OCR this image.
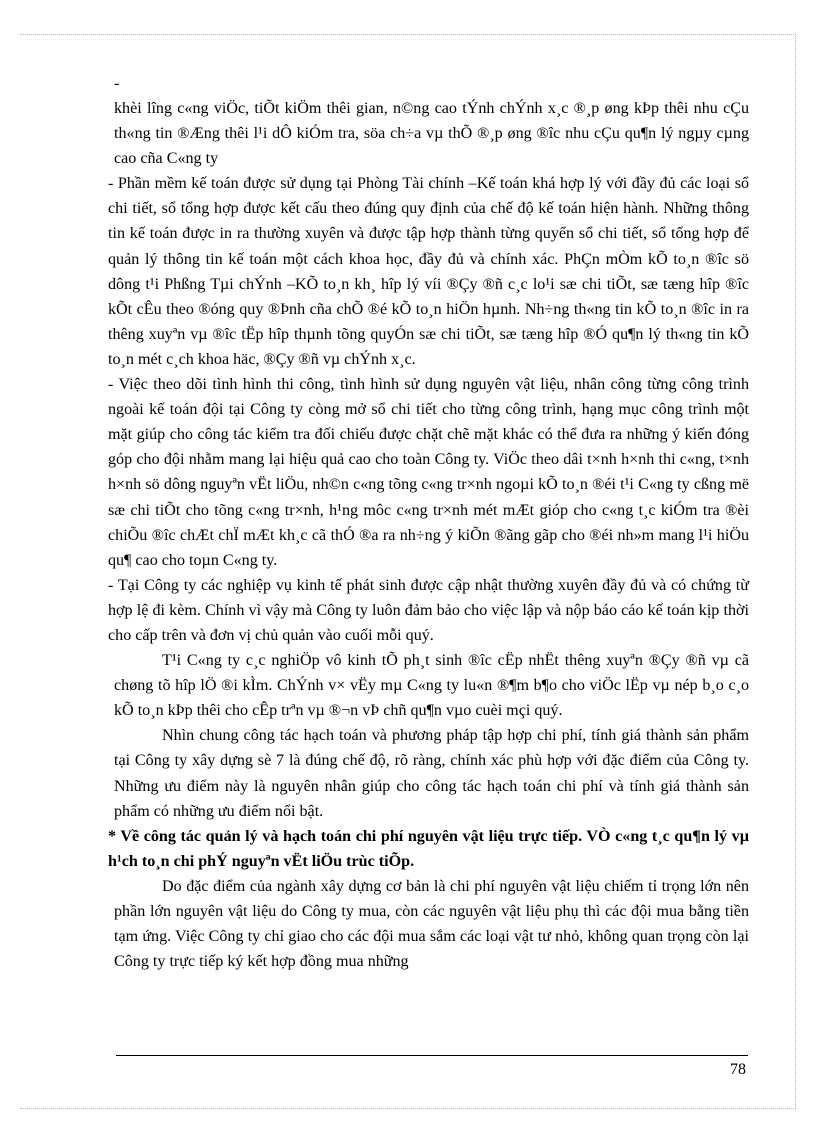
-

khèi lîng c«ng viÖc, tiÕt kiÖm thêi gian, n©ng cao tÝnh chÝnh x¸c ®¸p øng kÞp thêi nhu cÇu th«ng tin ®Æng thêi l¹i dÔ kiÓm tra, söa ch÷a vµ thÕ ®¸p øng ®îc nhu cÇu qu¶n lý ngµy cµng cao cña C«ng ty

- Phần mềm kế toán được sử dụng tại Phòng Tài chính –Kế toán khá hợp lý với đầy đủ các loại sổ chi tiết, sổ tổng hợp được kết cấu theo đúng quy định của chế độ kế toán hiện hành. Những thông tin kế toán được in ra thường xuyên và được tập hợp thành từng quyển sổ chi tiết, sổ tổng hợp để quản lý thông tin kế toán một cách khoa học, đầy đủ và chính xác. PhÇn mÒm kÕ to¸n ®îc sö dông t¹i Phßng Tµi chÝnh –KÕ to¸n kh¸ hîp lý víi ®Çy ®ñ c¸c lo¹i sæ chi tiÕt, sæ tæng hîp ®îc kÕt cÊu theo ®óng quy ®Þnh cña chÕ ®é kÕ to¸n hiÖn hµnh. Nh÷ng th«ng tin kÕ to¸n ®îc in ra thêng xuyªn vµ ®îc tËp hîp thµnh tõng quyÓn sæ chi tiÕt, sæ tæng hîp ®Ó qu¶n lý th«ng tin kÕ to¸n mét c¸ch khoa häc, ®Çy ®ñ vµ chÝnh x¸c.

- Việc theo dõi tình hình thi công, tình hình sử dụng nguyên vật liệu, nhân công từng công trình ngoài kế toán đội tại Công ty còng mở sổ chi tiết cho từng công trình, hạng mục công trình một mặt giúp cho công tác kiểm tra đối chiếu được chặt chẽ mặt khác có thể đưa ra những ý kiến đóng góp cho đội nhằm mang lại hiệu quả cao cho toàn Công ty. ViÖc theo dâi t×nh h×nh thi c«ng, t×nh h×nh sö dông nguyªn vËt liÖu, nh©n c«ng tõng c«ng tr×nh ngoµi kÕ to¸n ®éi t¹i C«ng ty cßng më sæ chi tiÕt cho tõng c«ng tr×nh, h¹ng môc c«ng tr×nh mét mÆt gióp cho c«ng t¸c kiÓm tra ®èi chiÕu ®îc chÆt chÏ mÆt kh¸c cã thÓ ®a ra nh÷ng ý kiÕn ®ãng gãp cho ®éi nh»m mang l¹i hiÖu qu¶ cao cho toµn C«ng ty.

- Tại Công ty các nghiệp vụ kinh tế phát sinh được cập nhật thường xuyên đầy đủ và có chứng từ hợp lệ đi kèm. Chính vì vậy mà Công ty luôn đảm bảo cho việc lập và nộp báo cáo kế toán kịp thời cho cấp trên và đơn vị chủ quản vào cuối mỗi quý.

T¹i C«ng ty c¸c nghiÖp vô kinh tÕ ph¸t sinh ®îc cËp nhËt thêng xuyªn ®Çy ®ñ vµ cã chøng tõ hîp lÖ ®i kÌm. ChÝnh v× vËy mµ C«ng ty lu«n ®¶m b¶o cho viÖc lËp vµ nép b¸o c¸o kÕ to¸n kÞp thêi cho cÊp trªn vµ ®¬n vÞ chñ qu¶n vµo cuèi mçi quý.

Nhìn chung công tác hạch toán và phương pháp tập hợp chi phí, tính giá thành sản phẩm tại Công ty xây dựng sè 7 là đúng chế độ, rõ ràng, chính xác phù hợp với đặc điểm của Công ty. Những ưu điểm này là nguyên nhân giúp cho công tác hạch toán chi phí và tính giá thành sản phẩm có những ưu điểm nổi bật.

* Về công tác quản lý và hạch toán chi phí nguyên vật liệu trực tiếp. VÒ c«ng t¸c qu¶n lý vµ h¹ch to¸n chi phÝ nguyªn vËt liÖu trùc tiÕp.

Do đặc điểm của ngành xây dựng cơ bản là chi phí nguyên vật liệu chiếm tỉ trọng lớn nên phần lớn nguyên vật liệu do Công ty mua, còn các nguyên vật liệu phụ thì các đội mua bằng tiền tạm ứng. Việc Công ty chỉ giao cho các đội mua sắm các loại vật tư nhỏ, không quan trọng còn lại Công ty trực tiếp ký kết hợp đồng mua những

78
